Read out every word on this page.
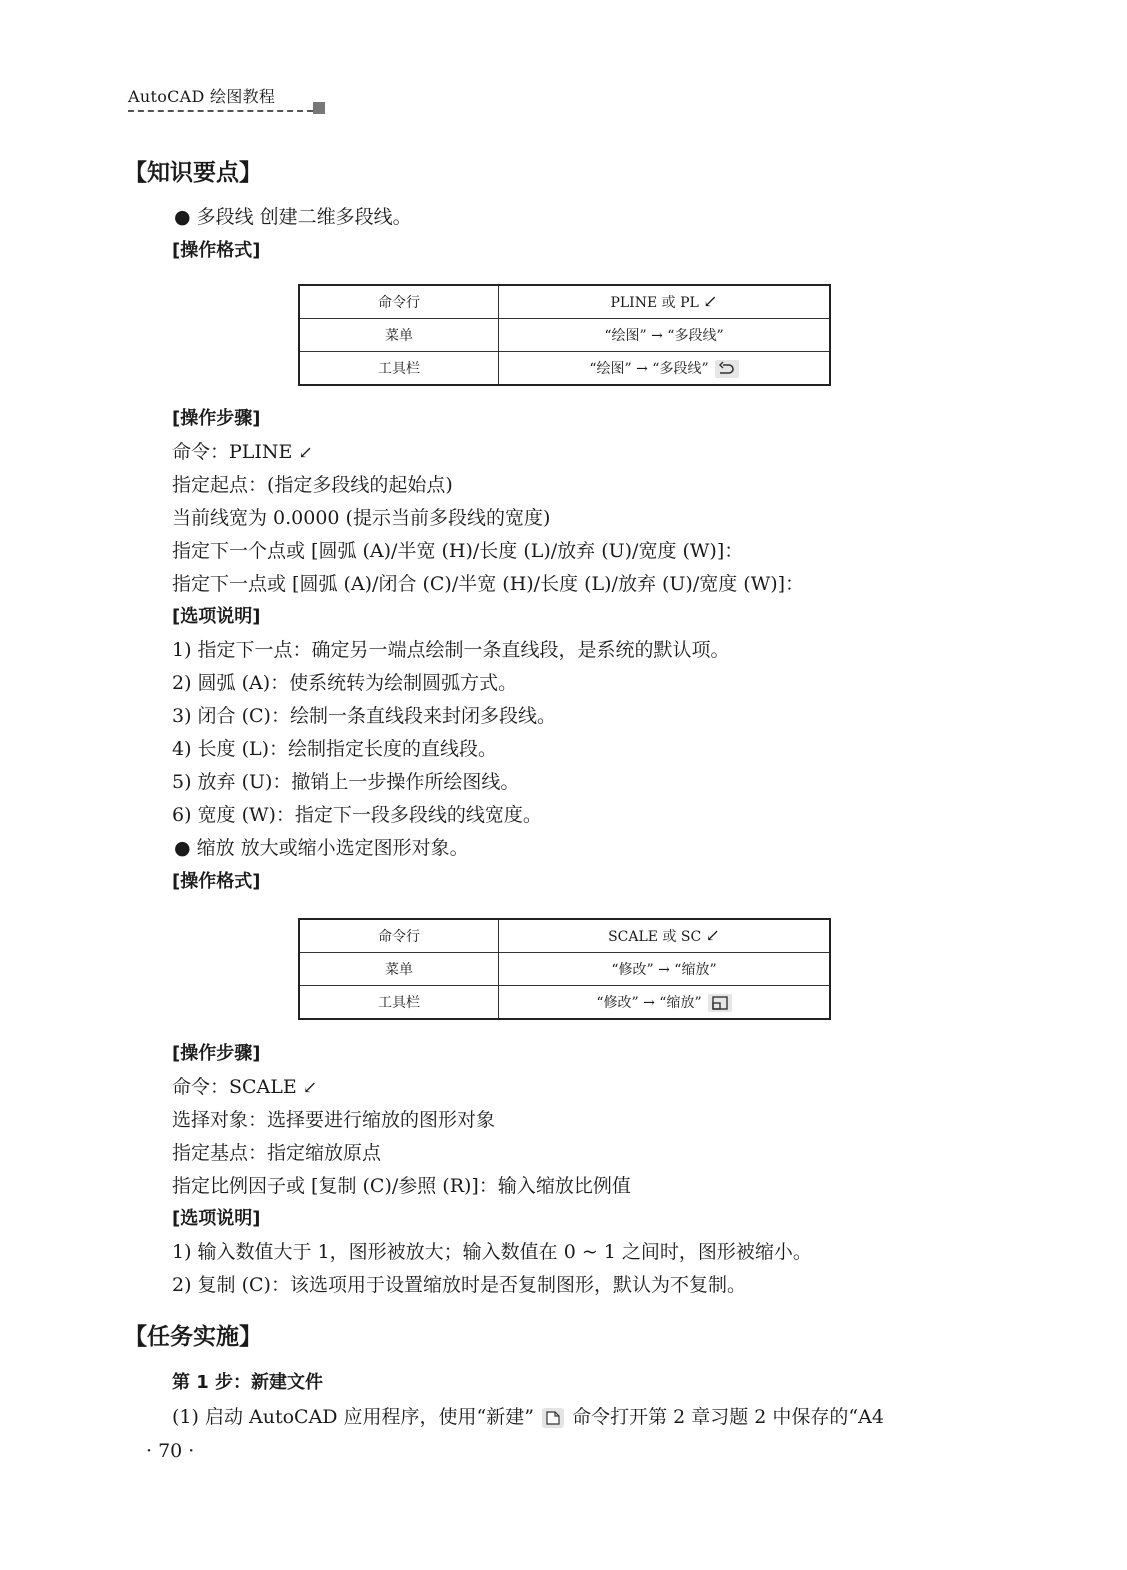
AutoCAD 绘图教程
【知识要点】
● 多段线 创建二维多段线。
[操作格式]
命令行	PLINE 或 PL ↙
菜单	“绘图” → “多段线”
工具栏	“绘图” → “多段线”
[操作步骤]
命令：PLINE ↙
指定起点：(指定多段线的起始点)
当前线宽为 0.0000 (提示当前多段线的宽度)
指定下一个点或 [圆弧 (A)/半宽 (H)/长度 (L)/放弃 (U)/宽度 (W)]：
指定下一点或 [圆弧 (A)/闭合 (C)/半宽 (H)/长度 (L)/放弃 (U)/宽度 (W)]：
[选项说明]
1) 指定下一点：确定另一端点绘制一条直线段，是系统的默认项。
2) 圆弧 (A)：使系统转为绘制圆弧方式。
3) 闭合 (C)：绘制一条直线段来封闭多段线。
4) 长度 (L)：绘制指定长度的直线段。
5) 放弃 (U)：撤销上一步操作所绘图线。
6) 宽度 (W)：指定下一段多段线的线宽度。
● 缩放 放大或缩小选定图形对象。
[操作格式]
命令行	SCALE 或 SC ↙
菜单	“修改” → “缩放”
工具栏	“修改” → “缩放”
[操作步骤]
命令：SCALE ↙
选择对象：选择要进行缩放的图形对象
指定基点：指定缩放原点
指定比例因子或 [复制 (C)/参照 (R)]：输入缩放比例值
[选项说明]
1) 输入数值大于 1，图形被放大；输入数值在 0 ~ 1 之间时，图形被缩小。
2) 复制 (C)：该选项用于设置缩放时是否复制图形，默认为不复制。
【任务实施】
第 1 步：新建文件
(1) 启动 AutoCAD 应用程序，使用“新建” 命令打开第 2 章习题 2 中保存的“A4
· 70 ·
